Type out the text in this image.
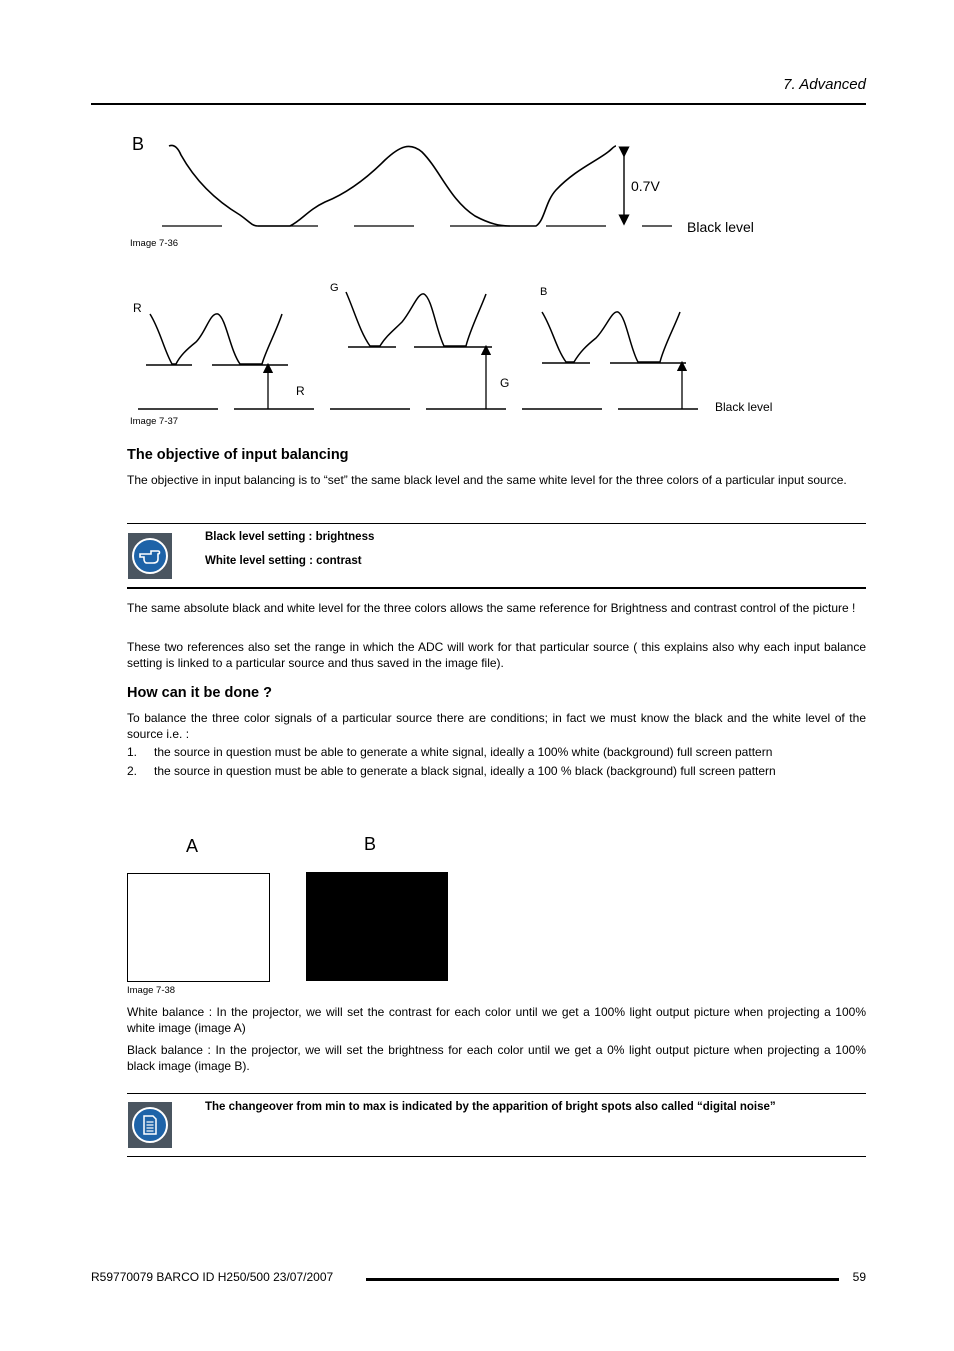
7. Advanced
B
0.7V
Black level
Image 7-36
R
G	B
R
G
Black level
Image 7-37
The objective of input balancing

The objective in input balancing is to “set” the same black level and the same white level for the three colors of a particular input source.

Black level setting : brightness
White level setting : contrast

The same absolute black and white level for the three colors allows the same reference for Brightness and contrast control of the picture !

These two references also set the range in which the ADC will work for that particular source ( this explains also why each input balance setting is linked to a particular source and thus saved in the image file).

How can it be done ?

To balance the three color signals of a particular source there are conditions; in fact we must know the black and the white level of the source i.e. :

1. the source in question must be able to generate a white signal, ideally a 100% white (background) full screen pattern
2. the source in question must be able to generate a black signal, ideally a 100 % black (background) full screen pattern
A	B
Image 7-38

White balance : In the projector, we will set the contrast for each color until we get a 100% light output picture when projecting a 100% white image (image A)

Black balance : In the projector, we will set the brightness for each color until we get a 0% light output picture when projecting a 100% black image (image B).

The changeover from min to max is indicated by the apparition of bright spots also called “digital noise”
R59770079 BARCO ID H250/500 23/07/2007	59
